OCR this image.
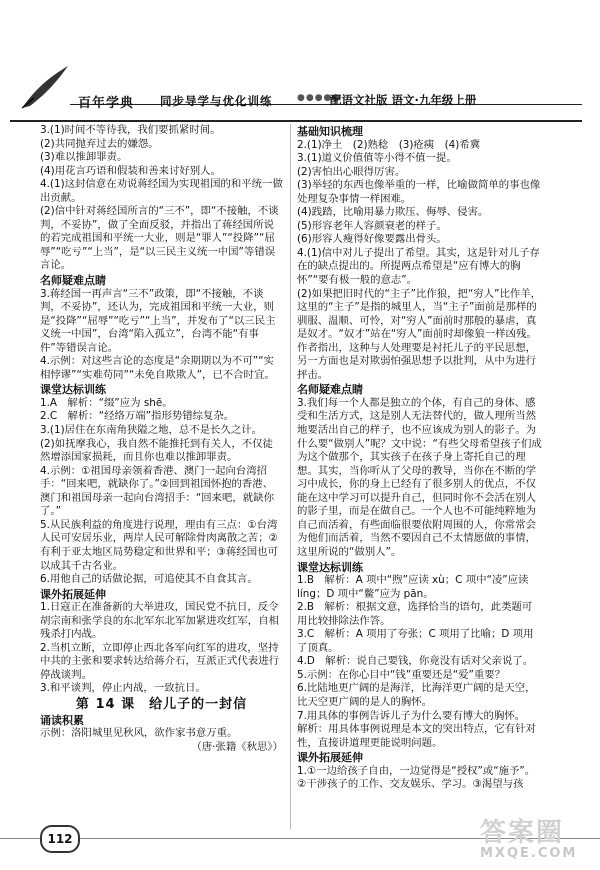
百年学典 同步导学与优化训练	●●●●●
配语文社版 语文·九年级上册
3.(1)时间不等待我，我们要抓紧时间。
(2)共同抛弃过去的嫌怨。
(3)难以推卸罪责。
(4)用花言巧语和假装和善来讨好别人。
4.(1)这封信意在劝说蒋经国为实现祖国的和平统一做出贡献。
(2)信中针对蒋经国所言的“三不”，即“不接触，不谈判，不妥协”，做了全面反驳，并指出了蒋经国所说的若完成祖国和平统一大业，则是“罪人”“投降”“屈辱”“吃亏”“上当”，是“以三民主义统一中国”等错误言论。
名师疑难点睛
3.蒋经国一再声言“三不”政策，即“不接触，不谈判，不妥协”，还认为，完成祖国和平统一大业，则是“投降”“屈辱”“吃亏”“上当”，并发布了“以三民主义统一中国”，台湾“陷入孤立”，台湾不能“有事件”等错误言论。
4.示例：对这些言论的态度是“余期期以为不可”“实相悖谬”“实难苟同”“未免自欺欺人”，已不合时宜。
课堂达标训练
1.A　解析：“缀”应为 shē。
2.C　解析：“经络万端”指形势错综复杂。
3.(1)居住在东南角狭隘之地，总不是长久之计。
(2)如抚摩我心，我自然不能推托到有关人，不仅徒然增添国家损耗，而且你也难以推卸罪责。
4.示例：①祖国母亲领着香港、澳门一起向台湾招手：“回来吧，就缺你了。”②回到祖国怀抱的香港、澳门和祖国母亲一起向台湾招手：“回来吧，就缺你了。”
5.从民族利益的角度进行说理，理由有三点：①台湾人民可安居乐业，两岸人民可解除骨肉离散之苦；②有利于亚太地区局势稳定和世界和平；③蒋经国也可以成其千古名业。
6.用他自己的话做论据，可追使其不自食其言。
课外拓展延伸
1.日寇正在准备新的大举进攻，国民党不抗日，反令胡宗南和张学良的东北军东北军加紧进攻红军，自相残杀打内战。
2.当机立断，立即停止西北各军向红军的进攻，坚持中共的主张和要求转达给蒋介石，互派正式代表进行停战谈判。
3.和平谈判，停止内战，一致抗日。
第 14 课　给儿子的一封信
诵读积累
示例：洛阳城里见秋风，欲作家书意万重。
（唐·张籍《秋思》）
基础知识梳理
2.(1)净土　(2)熟稔　(3)疮痍　(4)希冀
3.(1)道义价值值等小得不值一提。
(2)害怕出心眼得厉害。
(3)举轻的东西也像举重的一样，比喻做简单的事也像处理复杂事情一样困难。
(4)践踏，比喻用暴力欺压、侮辱、侵害。
(5)形容老年人容颜衰老的样子。
(6)形容人瘦得好像要露出骨头。
4.(1)信中对儿子提出了希望。其实，这是针对儿子存在的缺点提出的。所提两点希望是“应有博大的胸怀”“要有极一般的意志”。
(2)如果把旧时代的“主子”比作狼，把“穷人”比作羊，这里的“主子”是指的城里人，当“主子”面前是那样的驯服、温顺、可怜，对“穷人”面前时那般的暴虐，真是奴才。“奴才”站在“穷人”面前时却像狼一样凶残。作者指出，这种与人处理要是衬托儿子的平民思想，另一方面也是对欺弱怕强思想予以批判，从中为进行抨击。
名师疑难点睛
3.我们每一个人都是独立的个体，有自己的身体、感受和生活方式，这是别人无法替代的，做人理所当然地要活出自己的样子，也不应该成为别人的影子。为什么要“做别人”呢？文中说：“有些父母希望孩子们成为这个做那个，其实孩子在孩子身上寄托自己的理想。其实，当你听从了父母的教导，当你在不断的学习中成长，你的身上已经有了很多别人的优点，不仅能在这中学习可以提升自己，但同时你不会活在别人的影子里，而是在做自己。一个人也不可能纯粹地为自己而活着，有些面临很要依附周围的人，你常常会为他们而活着，当然不要因自己不太情愿做的事情，这里所说的“做别人”。
课堂达标训练
1.B　解析：A 项中“煦”应读 xù；C 项中“凌”应读 líng；D 项中“鳖”应为 pān。
2.B　解析：根据文意，选择恰当的语句，此类题可用比较排除法作答。
3.C　解析：A 项用了夸张；C 项用了比喻；D 项用了顶真。
4.D　解析：说自己要钱，你竟没有话对父亲说了。
5.示例：在你心目中“钱”重要还是“爱”重要？
6.比陆地更广阔的是海洋，比海洋更广阔的是天空，比天空更广阔的是人的胸怀。
7.用具体的事例告诉儿子为什么要有博大的胸怀。
解析：用具体事例说理是本文的突出特点，它有针对性，直接讲道理更能说明问题。
课外拓展延伸
1.①一边给孩子自由，一边觉得是“授权”或“施予”。②干涉孩子的工作、交友娱乐、学习。③渴望与孩
112	答案圈
MXQE.COM
